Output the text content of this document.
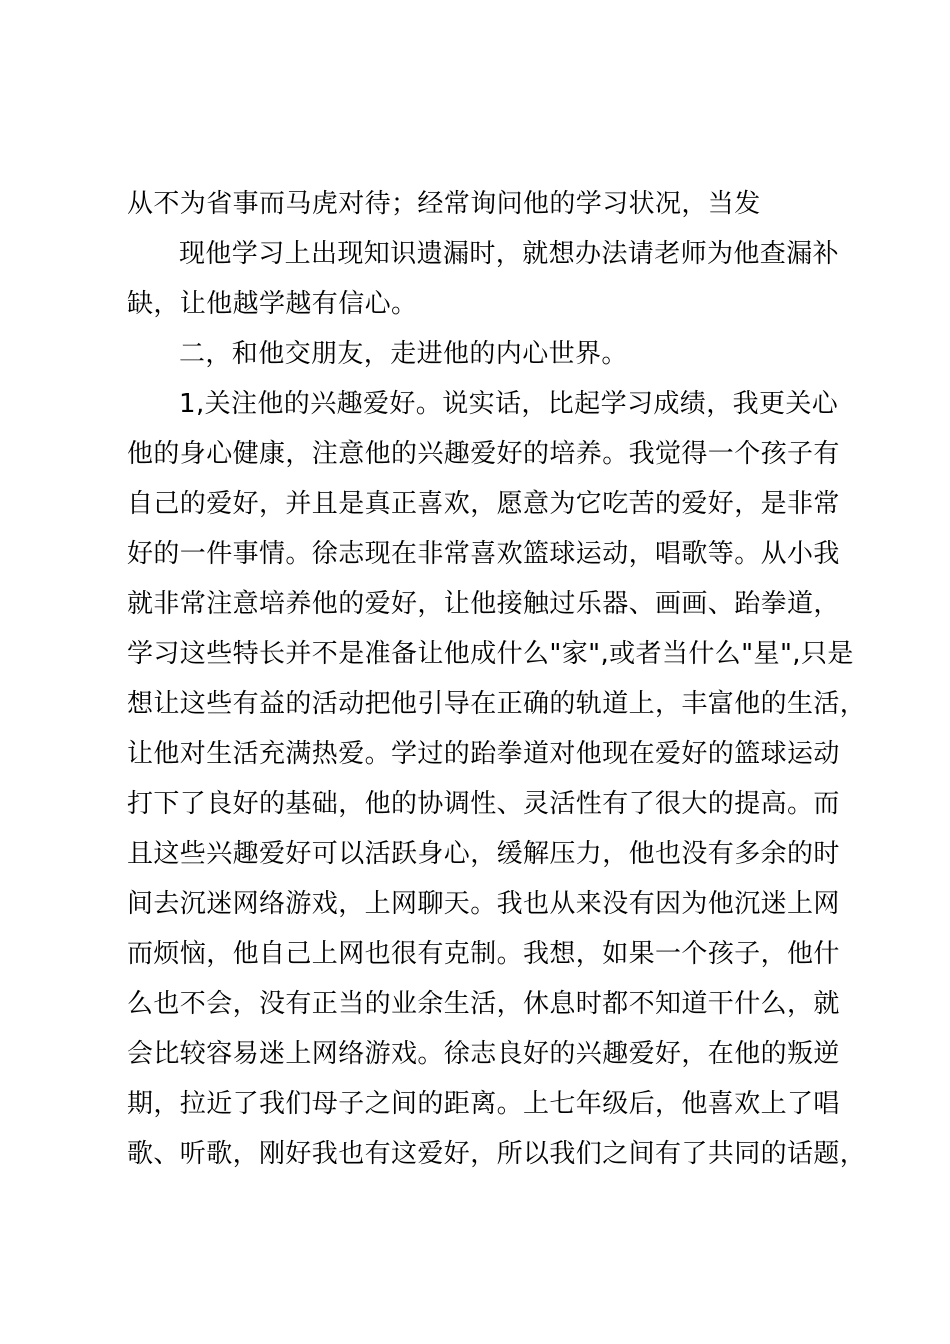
从不为省事而马虎对待；经常询问他的学习状况，当发
现他学习上出现知识遗漏时，就想办法请老师为他查漏补
缺，让他越学越有信心。
二，和他交朋友，走进他的内心世界。
1,关注他的兴趣爱好。说实话，比起学习成绩，我更关心
他的身心健康，注意他的兴趣爱好的培养。我觉得一个孩子有
自己的爱好，并且是真正喜欢，愿意为它吃苦的爱好，是非常
好的一件事情。徐志现在非常喜欢篮球运动，唱歌等。从小我
就非常注意培养他的爱好，让他接触过乐器、画画、跆拳道，
学习这些特长并不是准备让他成什么"家",或者当什么"星",只是
想让这些有益的活动把他引导在正确的轨道上，丰富他的生活，
让他对生活充满热爱。学过的跆拳道对他现在爱好的篮球运动
打下了良好的基础，他的协调性、灵活性有了很大的提高。而
且这些兴趣爱好可以活跃身心，缓解压力，他也没有多余的时
间去沉迷网络游戏，上网聊天。我也从来没有因为他沉迷上网
而烦恼，他自己上网也很有克制。我想，如果一个孩子，他什
么也不会，没有正当的业余生活，休息时都不知道干什么，就
会比较容易迷上网络游戏。徐志良好的兴趣爱好，在他的叛逆
期，拉近了我们母子之间的距离。上七年级后，他喜欢上了唱
歌、听歌，刚好我也有这爱好，所以我们之间有了共同的话题，
